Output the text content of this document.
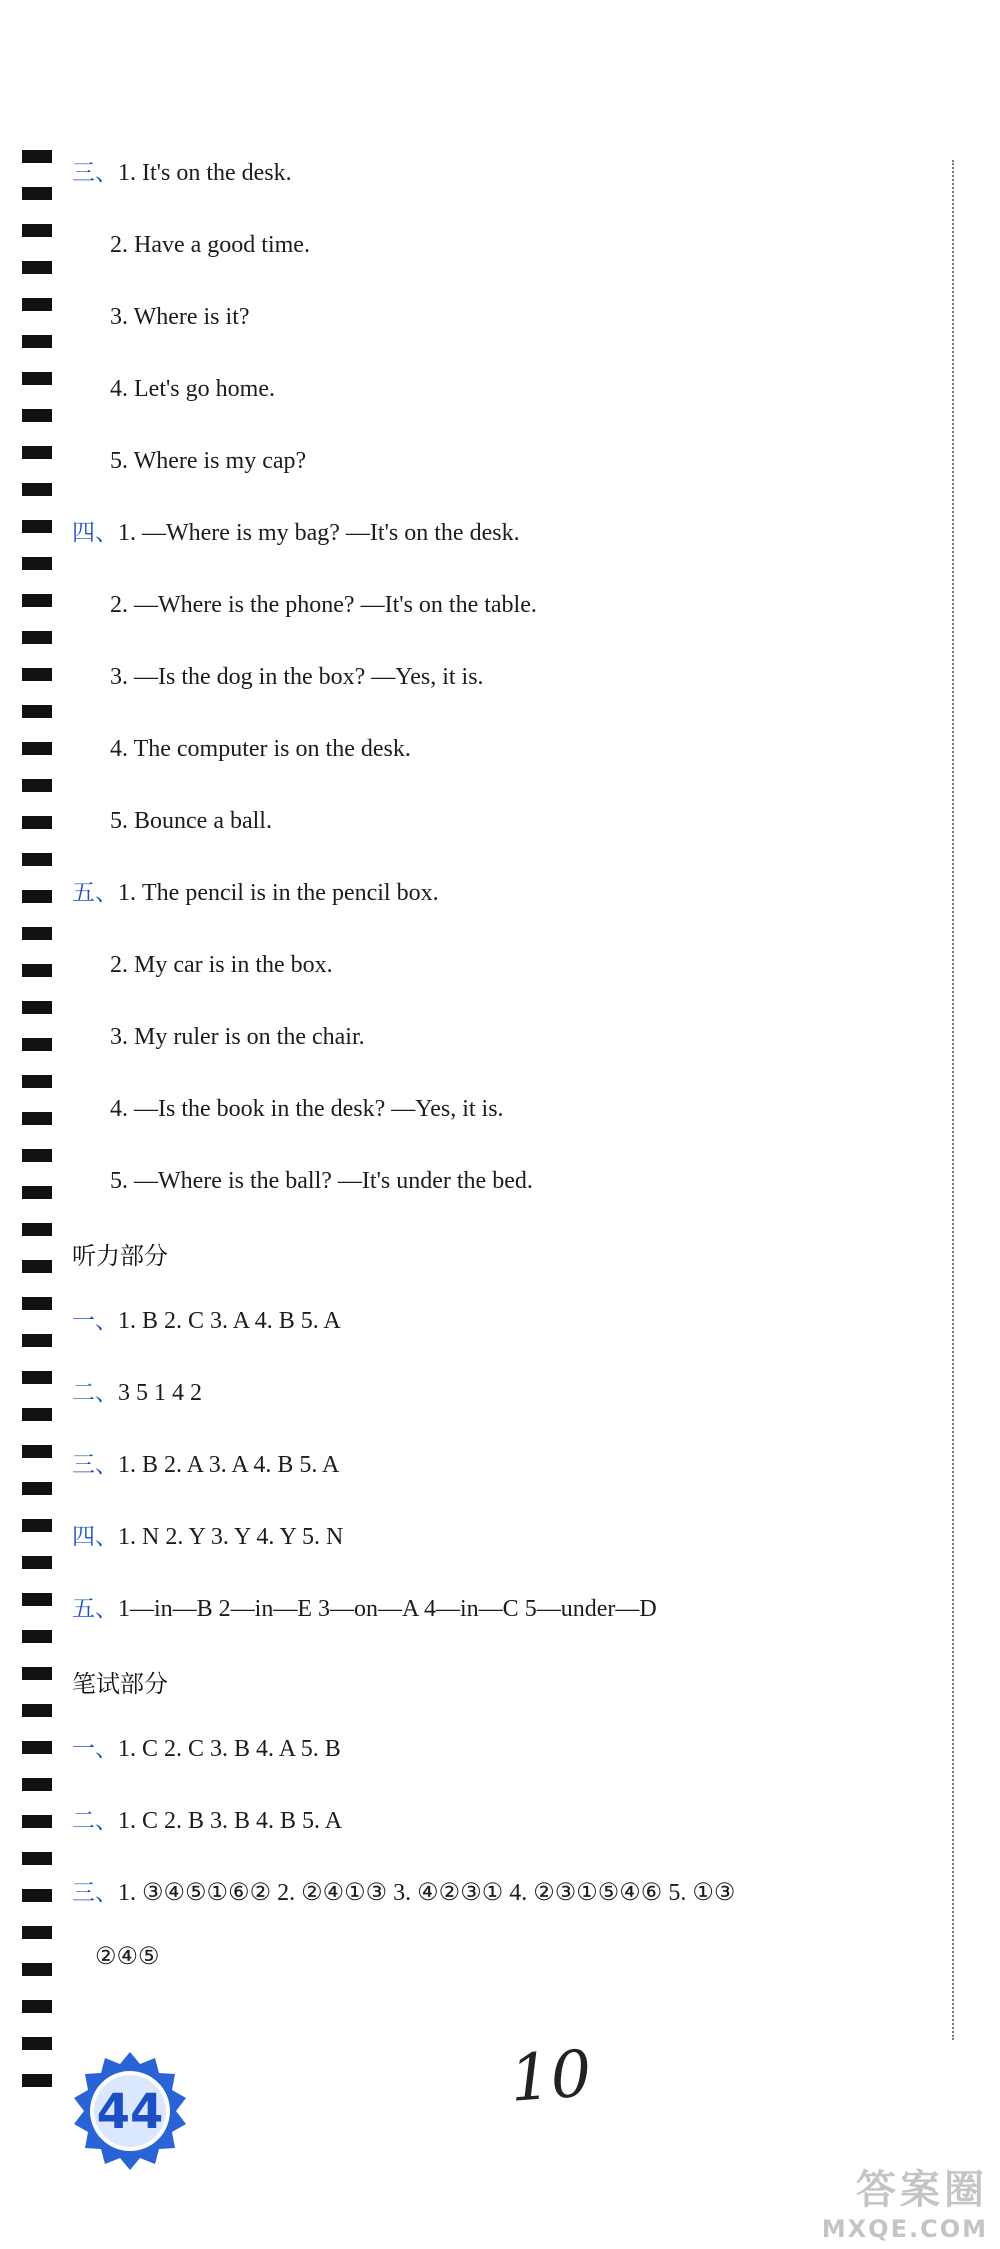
三、1. It's on the desk.
2. Have a good time.
3. Where is it?
4. Let's go home.
5. Where is my cap?
四、1. —Where is my bag? —It's on the desk.
2. —Where is the phone? —It's on the table.
3. —Is the dog in the box? —Yes, it is.
4. The computer is on the desk.
5. Bounce a ball.
五、1. The pencil is in the pencil box.
2. My car is in the box.
3. My ruler is on the chair.
4. —Is the book in the desk? —Yes, it is.
5. —Where is the ball? —It's under the bed.
听力部分
一、1. B 2. C 3. A 4. B 5. A
二、3 5 1 4 2
三、1. B 2. A 3. A 4. B 5. A
四、1. N 2. Y 3. Y 4. Y 5. N
五、1—in—B 2—in—E 3—on—A 4—in—C 5—under—D
笔试部分
一、1. C 2. C 3. B 4. A 5. B
二、1. C 2. B 3. B 4. B 5. A
三、1. ③④⑤①⑥② 2. ②④①③ 3. ④②③① 4. ②③①⑤④⑥ 5. ①③
②④⑤
44	10
答案圈
MXQE.COM
